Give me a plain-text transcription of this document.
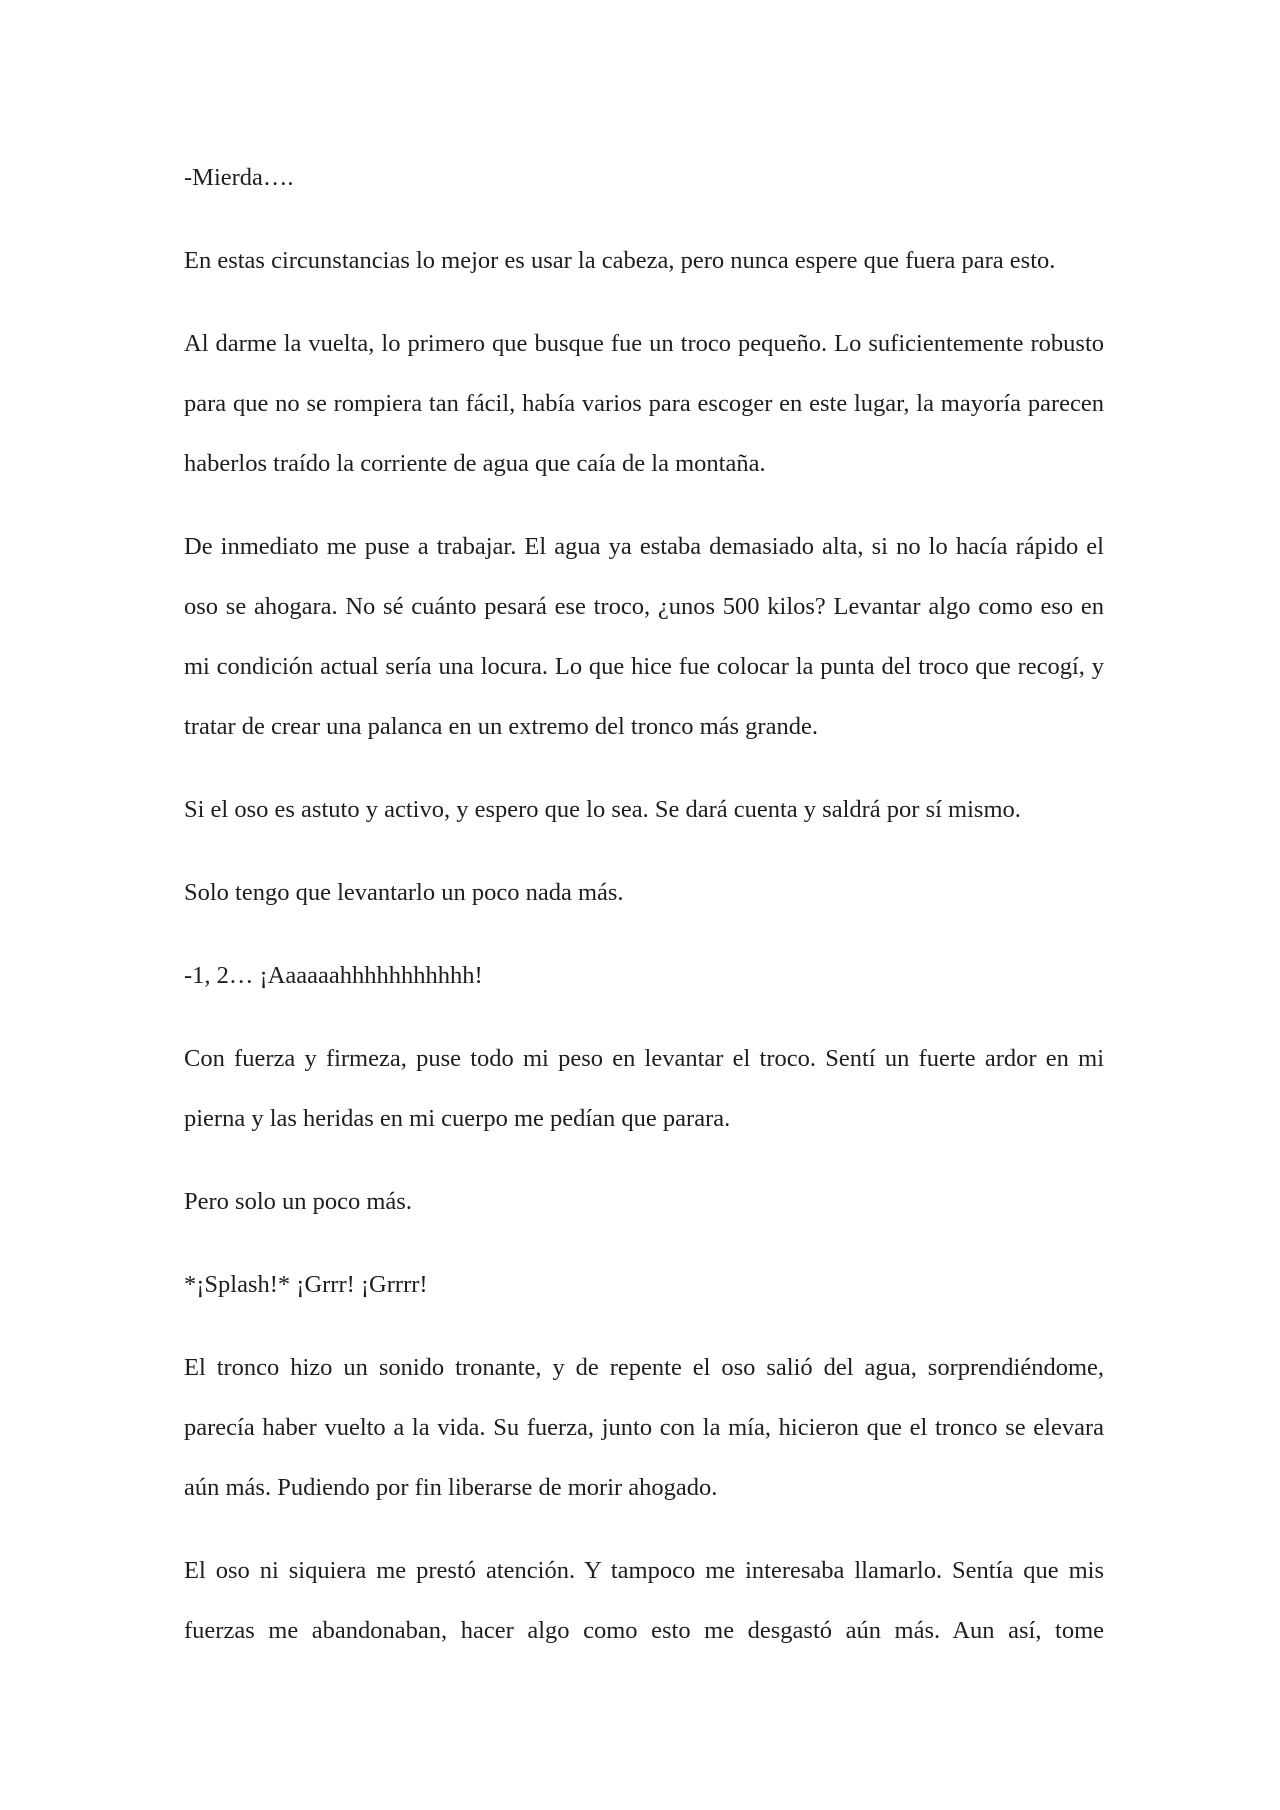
-Mierda….

En estas circunstancias lo mejor es usar la cabeza, pero nunca espere que fuera para esto.

Al darme la vuelta, lo primero que busque fue un troco pequeño. Lo suficientemente robusto para que no se rompiera tan fácil, había varios para escoger en este lugar, la mayoría parecen haberlos traído la corriente de agua que caía de la montaña.

De inmediato me puse a trabajar. El agua ya estaba demasiado alta, si no lo hacía rápido el oso se ahogara. No sé cuánto pesará ese troco, ¿unos 500 kilos? Levantar algo como eso en mi condición actual sería una locura. Lo que hice fue colocar la punta del troco que recogí, y tratar de crear una palanca en un extremo del tronco más grande.

Si el oso es astuto y activo, y espero que lo sea. Se dará cuenta y saldrá por sí mismo.

Solo tengo que levantarlo un poco nada más.

-1, 2… ¡Aaaaaahhhhhhhhhhh!

Con fuerza y firmeza, puse todo mi peso en levantar el troco. Sentí un fuerte ardor en mi pierna y las heridas en mi cuerpo me pedían que parara.

Pero solo un poco más.

*¡Splash!* ¡Grrr! ¡Grrrr!

El tronco hizo un sonido tronante, y de repente el oso salió del agua, sorprendiéndome, parecía haber vuelto a la vida. Su fuerza, junto con la mía, hicieron que el tronco se elevara aún más. Pudiendo por fin liberarse de morir ahogado.

El oso ni siquiera me prestó atención. Y tampoco me interesaba llamarlo. Sentía que mis fuerzas me abandonaban, hacer algo como esto me desgastó aún más. Aun así, tome
